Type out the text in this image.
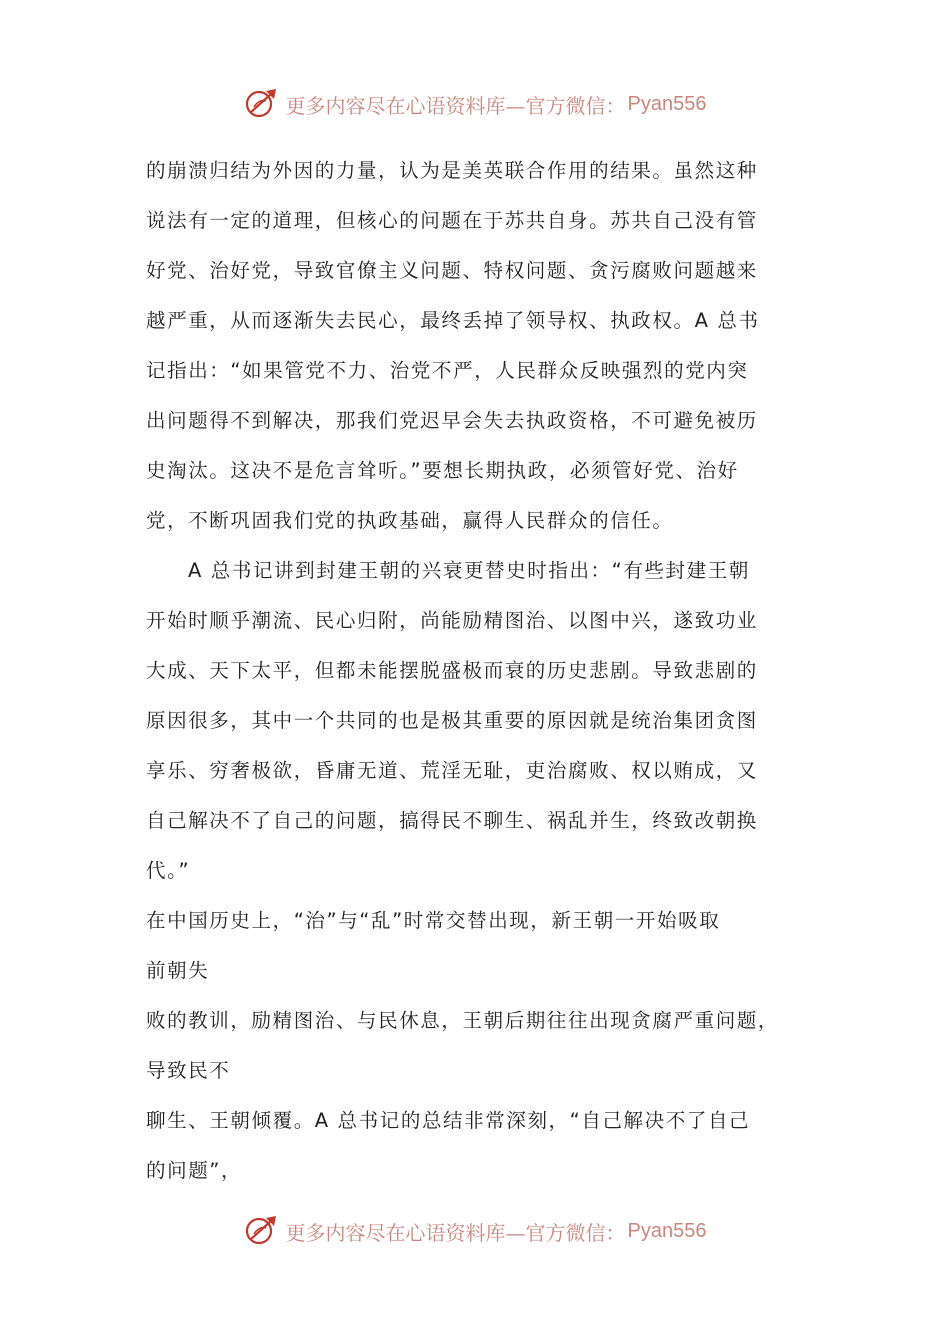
更多内容尽在心语资料库—官方微信： Pyan556
的崩溃归结为外因的力量，认为是美英联合作用的结果。虽然这种
说法有一定的道理，但核心的问题在于苏共自身。苏共自己没有管
好党、治好党，导致官僚主义问题、特权问题、贪污腐败问题越来
越严重，从而逐渐失去民心，最终丢掉了领导权、执政权。A 总书
记指出：“如果管党不力、治党不严，人民群众反映强烈的党内突
出问题得不到解决，那我们党迟早会失去执政资格，不可避免被历
史淘汰。这决不是危言耸听。”要想长期执政，必须管好党、治好
党，不断巩固我们党的执政基础，赢得人民群众的信任。
A 总书记讲到封建王朝的兴衰更替史时指出：“有些封建王朝
开始时顺乎潮流、民心归附，尚能励精图治、以图中兴，遂致功业
大成、天下太平，但都未能摆脱盛极而衰的历史悲剧。导致悲剧的
原因很多，其中一个共同的也是极其重要的原因就是统治集团贪图
享乐、穷奢极欲，昏庸无道、荒淫无耻，吏治腐败、权以贿成，又
自己解决不了自己的问题，搞得民不聊生、祸乱并生，终致改朝换
代。”
在中国历史上，“治”与“乱”时常交替出现，新王朝一开始吸取
前朝失
败的教训，励精图治、与民休息，王朝后期往往出现贪腐严重问题，
导致民不
聊生、王朝倾覆。A 总书记的总结非常深刻，“自己解决不了自己
的问题”，
更多内容尽在心语资料库—官方微信： Pyan556
